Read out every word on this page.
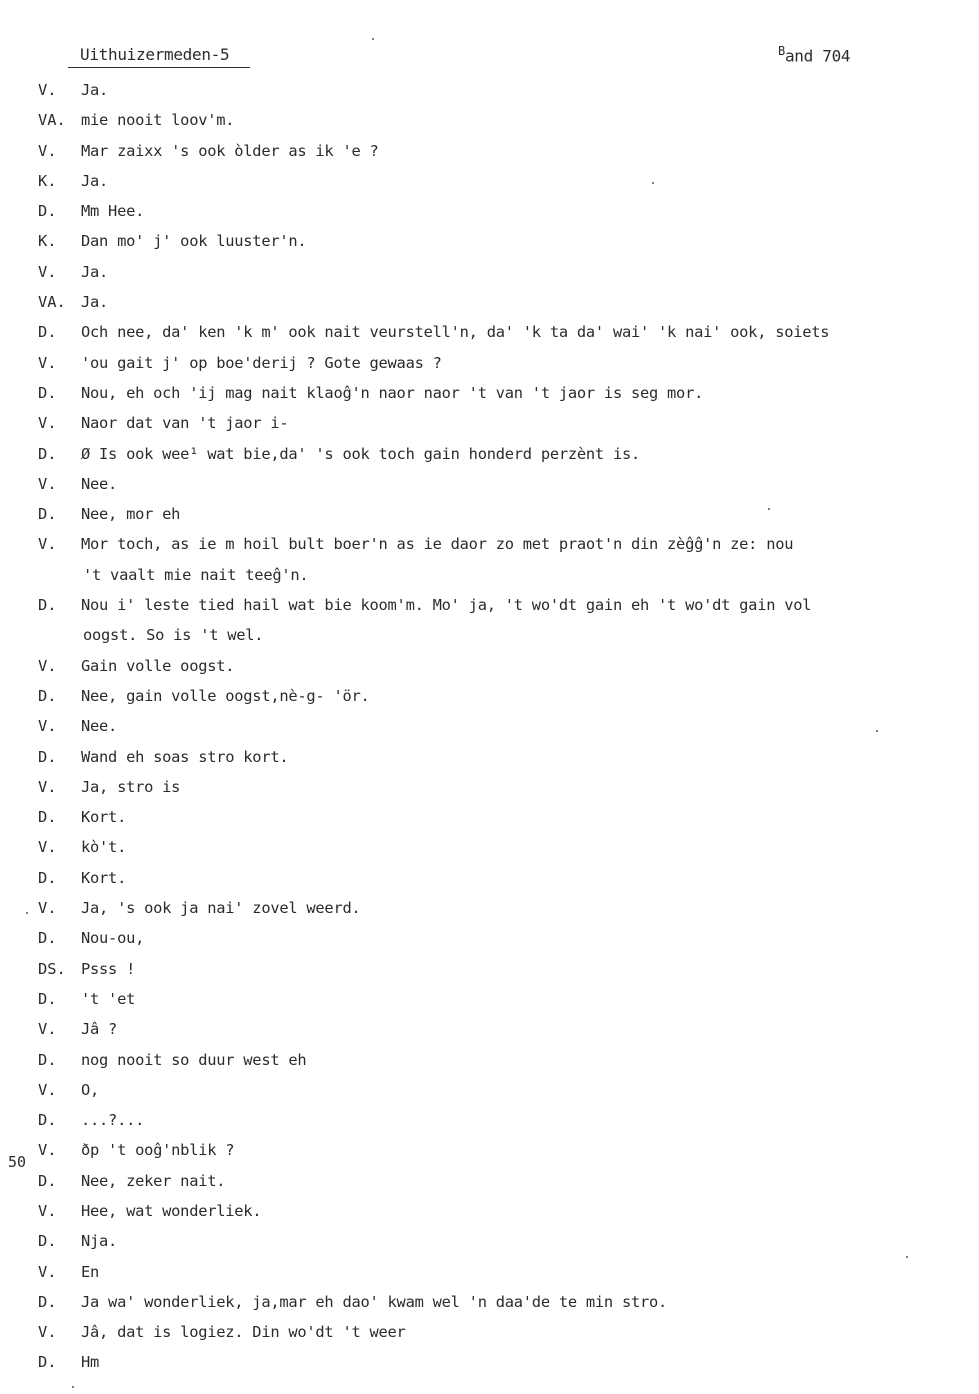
Uithuizermeden-5	$^B$and 704
50
V. Ja.
VA. mie nooit loov'm.
V. Mar zaixx 's ook òlder as ik 'e ?
K. Ja.
D. Mm Hee.
K. Dan mo' j' ook luuster'n.
V. Ja.
VA. Ja.
D. Och nee, da' ken 'k m' ook nait veurstell'n, da' 'k ta da' wai' 'k nai' ook, soiets
V. 'ou gait j' op boe'derij ? Gote gewaas ?
D. Nou, eh och 'ij mag nait klaoĝ'n naor naor 't van 't jaor is seg mor.
V. Naor dat van 't jaor i-
D. Ø Is ook wee¹ wat bie,da' 's ook toch gain honderd perzènt is.
V. Nee.
D. Nee, mor eh
V. Mor toch, as ie m hoil bult boer'n as ie daor zo met praot'n din zèĝĝ'n ze: nou
't vaalt mie nait teeĝ'n.
D. Nou i' leste tied hail wat bie koom'm. Mo' ja, 't wo'dt gain eh 't wo'dt gain vol
oogst. So is 't wel.
V. Gain volle oogst.
D. Nee, gain volle oogst,nè-g- 'ör.
V. Nee.
D. Wand eh soas stro kort.
V. Ja, stro is
D. Kort.
V. kò't.
D. Kort.
V. Ja, 's ook ja nai' zovel weerd.
D. Nou-ou,
DS. Psss !
D. 't 'et
V. Jâ ?
D. nog nooit so duur west eh
V. O,
D. ...?...
V. ðp 't ooĝ'nblik ?
D. Nee, zeker nait.
V. Hee, wat wonderliek.
D. Nja.
V. En
D. Ja wa' wonderliek, ja,mar eh dao' kwam wel 'n daa'de te min stro.
V. Jâ, dat is logiez. Din wo'dt 't weer
D. Hm
